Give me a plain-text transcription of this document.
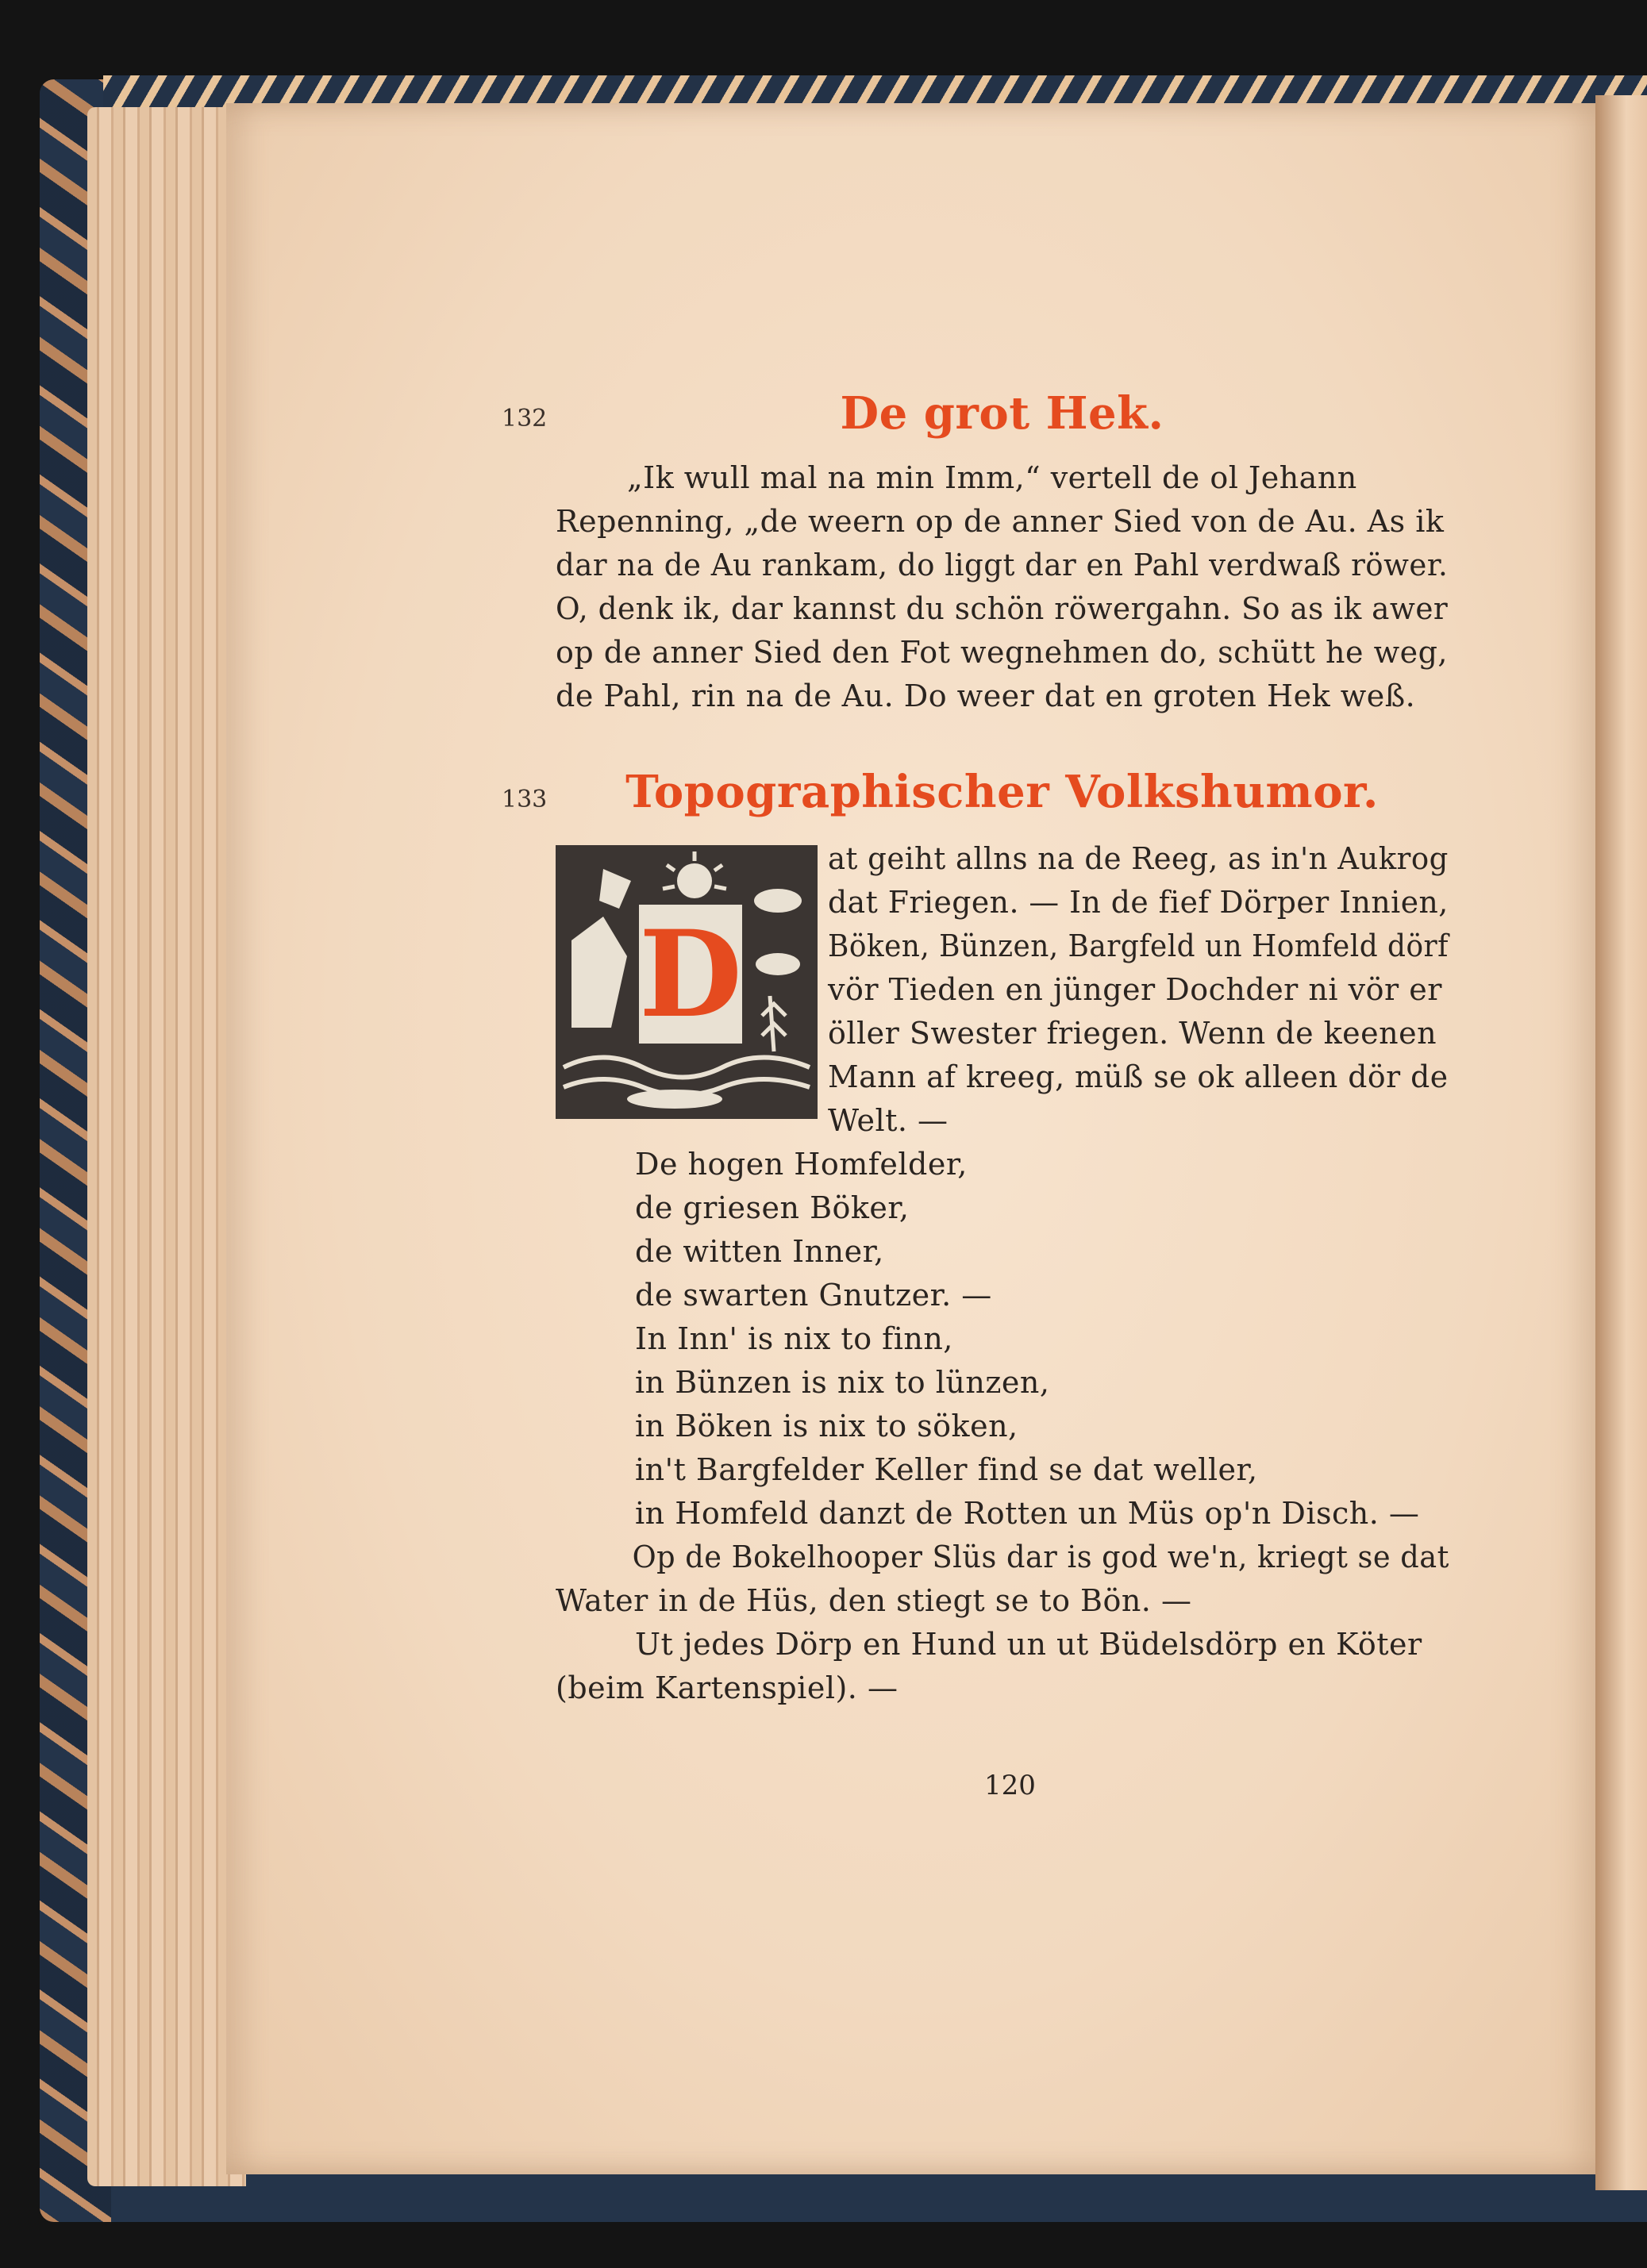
132	De grot Hek.
„Ik wull mal na min Imm,“ vertell de ol Jehann
Repenning, „de weern op de anner Sied von de Au. As ik
dar na de Au rankam, do liggt dar en Pahl verdwaß röwer.
O, denk ik, dar kannst du schön röwergahn. So as ik awer
op de anner Sied den Fot wegnehmen do, schütt he weg,
de Pahl, rin na de Au. Do weer dat en groten Hek weß.
133	Topographischer Volkshumor.
D
at geiht allns na de Reeg, as in'n Aukrog
dat Friegen. — In de fief Dörper Innien,
Böken, Bünzen, Bargfeld un Homfeld dörf
vör Tieden en jünger Dochder ni vör er
öller Swester friegen. Wenn de keenen
Mann af kreeg, müß se ok alleen dör de
Welt. —
De hogen Homfelder,
de griesen Böker,
de witten Inner,
de swarten Gnutzer. —
In Inn' is nix to finn,
in Bünzen is nix to lünzen,
in Böken is nix to söken,
in't Bargfelder Keller find se dat weller,
in Homfeld danzt de Rotten un Müs op'n Disch. —
Op de Bokelhooper Slüs dar is god we'n, kriegt se dat
Water in de Hüs, den stiegt se to Bön. —
Ut jedes Dörp en Hund un ut Büdelsdörp en Köter
(beim Kartenspiel). —
120
